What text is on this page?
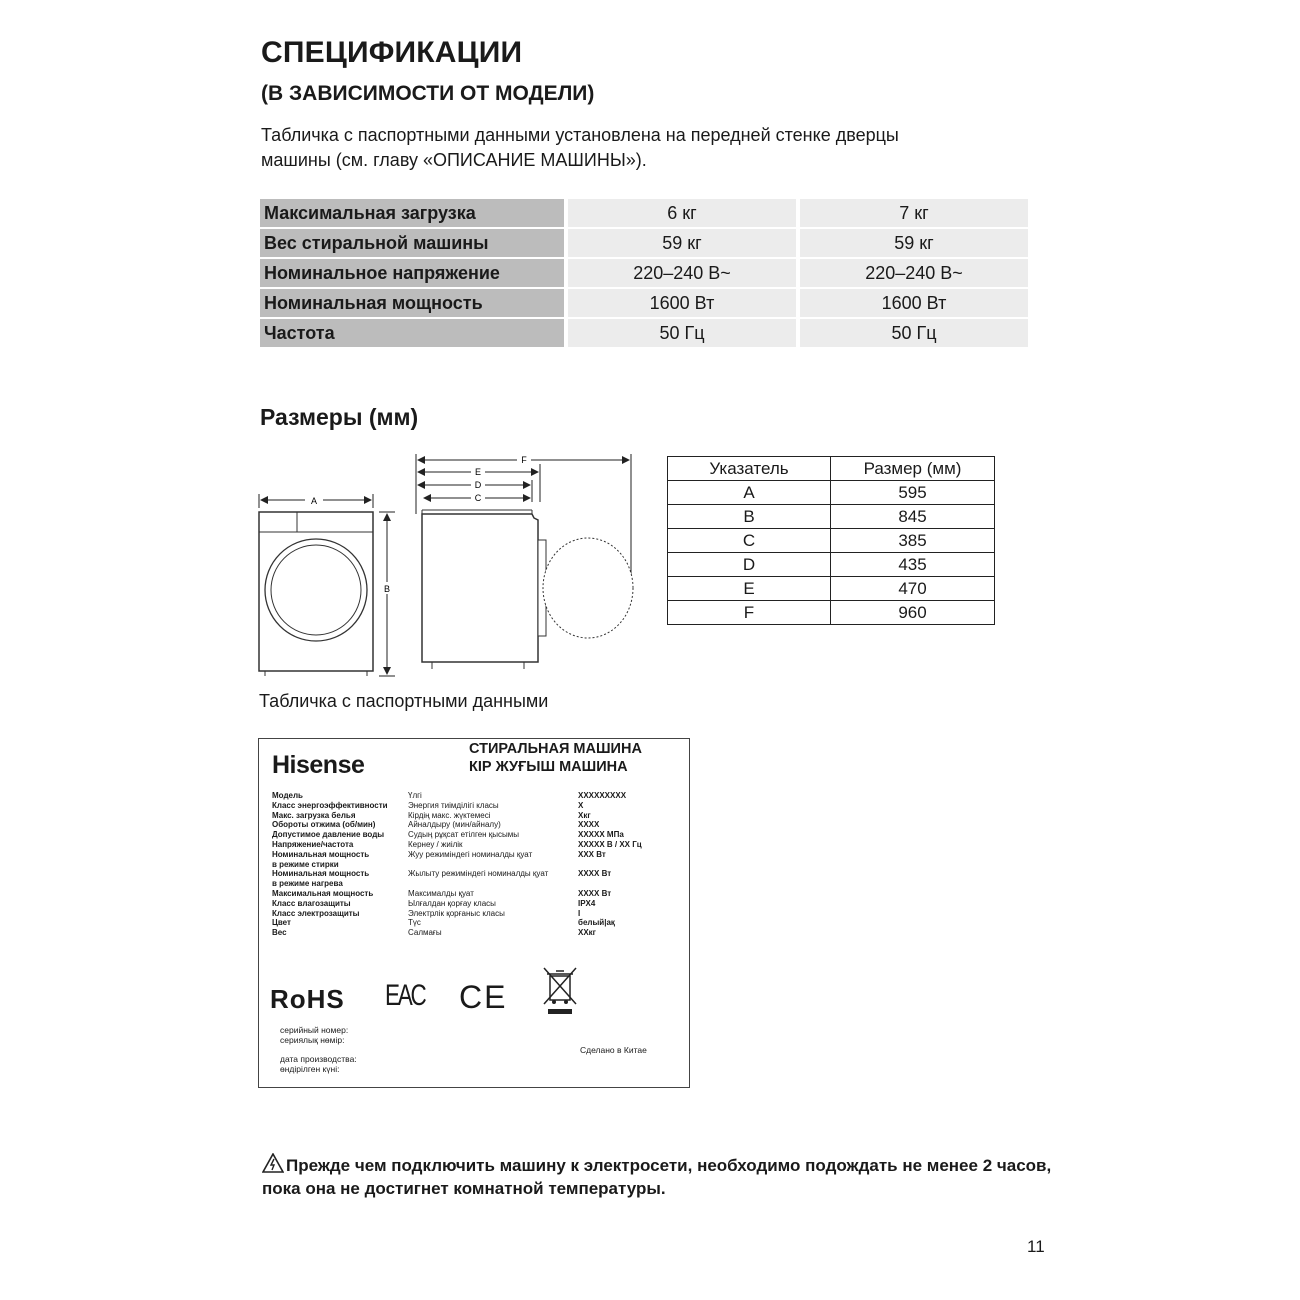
СПЕЦИФИКАЦИИ
(В ЗАВИСИМОСТИ ОТ МОДЕЛИ)
Табличка с паспортными данными установлена на передней стенке дверцы
машины (см. главу «ОПИСАНИЕ МАШИНЫ»).
Максимальная загрузка	6 кг	7 кг
Вес стиральной машины	59 кг	59 кг
Номинальное напряжение	220–240 В~	220–240 В~
Номинальная мощность	1600 Вт	1600 Вт
Частота	50 Гц	50 Гц
Размеры (мм)
A
B
F
E
D
C
Указатель	Размер (мм)
A	595
B	845
C	385
D	435
E	470
F	960
Табличка с паспортными данными
Hisense
СТИРАЛЬНАЯ МАШИНА
КІР ЖУҒЫШ МАШИНА
Модель	Үлгі	XXXXXXXXX
Класс энергоэффективности	Энергия тиімділігі класы	X
Макс. загрузка белья	Кірдің макс. жүктемесі	Xкг
Обороты отжима (об/мин)	Айналдыру (мин/айналу)	XXXX
Допустимое давление воды	Судың рұқсат етілген қысымы	XXXXX МПа
Напряжение/частота	Кернеу / жиілік	XXXXX В / XX Гц
Номинальная мощность	Жуу режиміндегі номиналды қуат	XXX Вт
в режиме стирки
Номинальная мощность	Жылыту режиміндегі номиналды қуат	XXXX Вт
в режиме нагрева
Максимальная мощность	Максималды қуат	XXXX Вт
Класс влагозащиты	Ылғалдан қорғау класы	IPX4
Класс электрозащиты	Электрлік қорғаныс класы	I
Цвет	Түс	белый|ақ
Вес	Салмағы	XXкг
RoHS EAC CE
серийный номер:
сериялық нөмір:
дата производства:
өндірілген күні:
Сделано в Китае
Прежде чем подключить машину к электросети, необходимо подождать не менее 2 часов, пока она не достигнет комнатной температуры.
11
